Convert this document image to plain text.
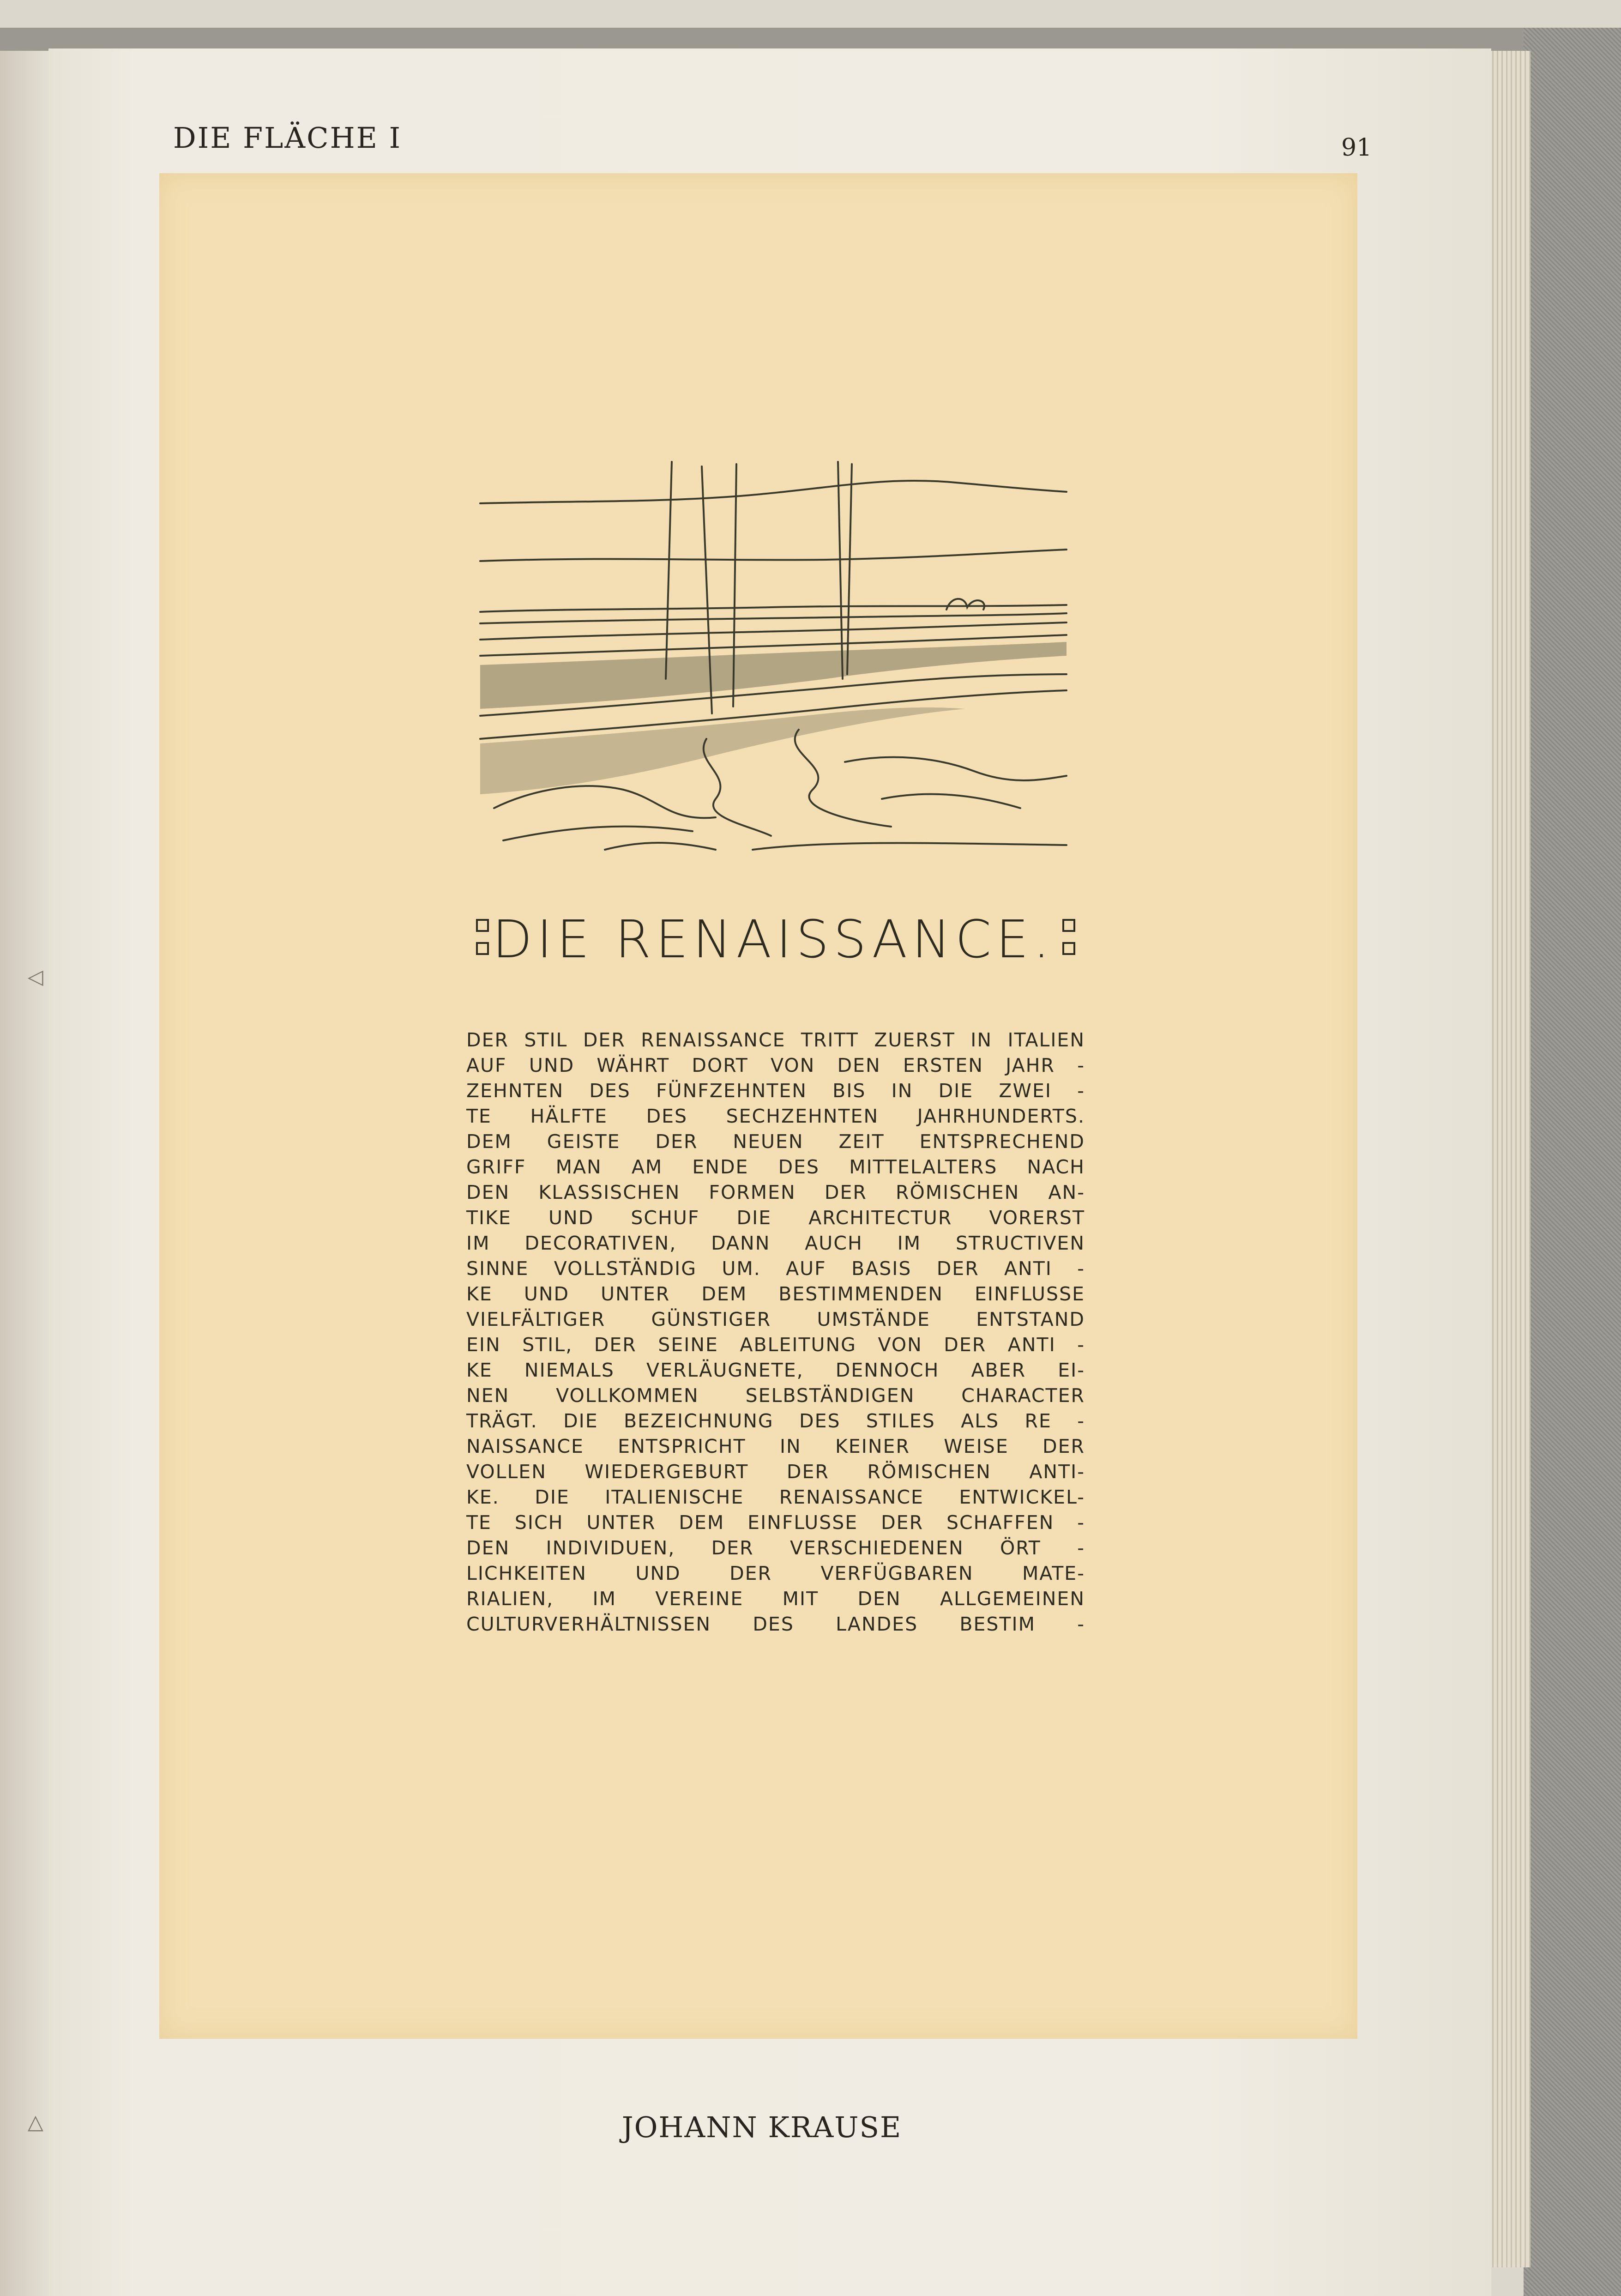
◁
△
DIE FLÄCHE I	91
DIE RENAISSANCE.
DER STIL DER RENAISSANCE TRITT ZUERST IN ITALIEN
AUF UND WÄHRT DORT VON DEN ERSTEN JAHR -
ZEHNTEN DES FÜNFZEHNTEN BIS IN DIE ZWEI -
TE HÄLFTE DES SECHZEHNTEN JAHRHUNDERTS.
DEM GEISTE DER NEUEN ZEIT ENTSPRECHEND
GRIFF MAN AM ENDE DES MITTELALTERS NACH
DEN KLASSISCHEN FORMEN DER RÖMISCHEN AN-
TIKE UND SCHUF DIE ARCHITECTUR VORERST
IM DECORATIVEN, DANN AUCH IM STRUCTIVEN
SINNE VOLLSTÄNDIG UM. AUF BASIS DER ANTI -
KE UND UNTER DEM BESTIMMENDEN EINFLUSSE
VIELFÄLTIGER GÜNSTIGER UMSTÄNDE ENTSTAND
EIN STIL, DER SEINE ABLEITUNG VON DER ANTI -
KE NIEMALS VERLÄUGNETE, DENNOCH ABER EI-
NEN VOLLKOMMEN SELBSTÄNDIGEN CHARACTER
TRÄGT. DIE BEZEICHNUNG DES STILES ALS RE -
NAISSANCE ENTSPRICHT IN KEINER WEISE DER
VOLLEN WIEDERGEBURT DER RÖMISCHEN ANTI-
KE. DIE ITALIENISCHE RENAISSANCE ENTWICKEL-
TE SICH UNTER DEM EINFLUSSE DER SCHAFFEN -
DEN INDIVIDUEN, DER VERSCHIEDENEN ÖRT -
LICHKEITEN UND DER VERFÜGBAREN MATE-
RIALIEN, IM VEREINE MIT DEN ALLGEMEINEN
CULTURVERHÄLTNISSEN DES LANDES BESTIM -
JOHANN KRAUSE
